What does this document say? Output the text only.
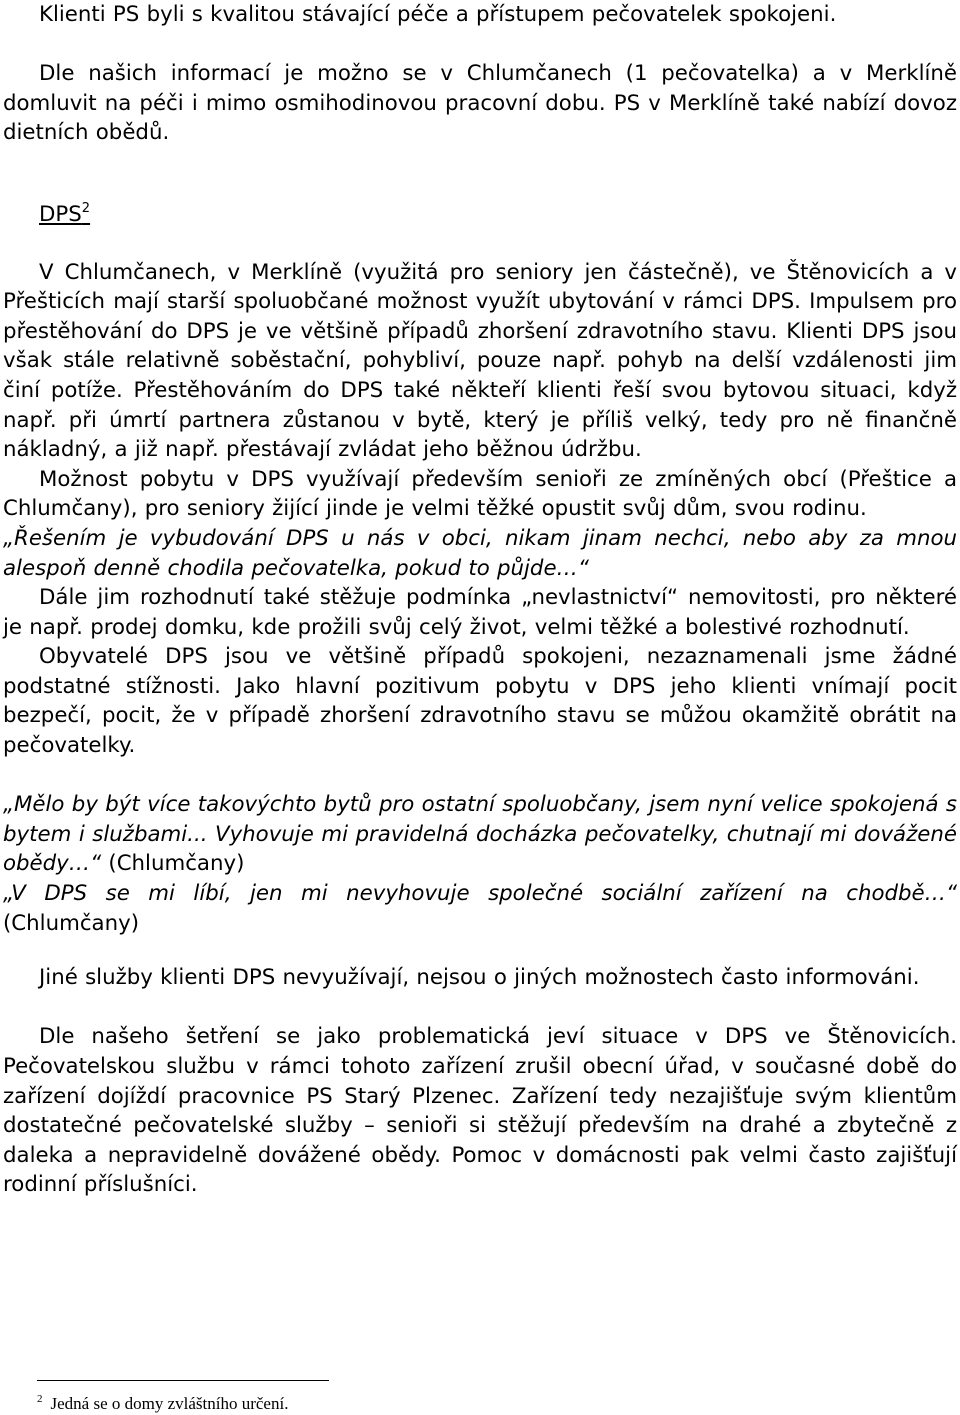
Klienti PS byli s kvalitou stávající péče a přístupem pečovatelek spokojeni.

Dle našich informací je možno se v Chlumčanech (1 pečovatelka) a v Merklíně domluvit na péči i mimo osmihodinovou pracovní dobu. PS v Merklíně také nabízí dovoz dietních obědů.

DPS$^2$

V Chlumčanech, v Merklíně (využitá pro seniory jen částečně), ve Štěnovicích a v Přešticích mají starší spoluobčané možnost využít ubytování v rámci DPS. Impulsem pro přestěhování do DPS je ve většině případů zhoršení zdravotního stavu. Klienti DPS jsou však stále relativně soběstační, pohybliví, pouze např. pohyb na delší vzdálenosti jim činí potíže. Přestěhováním do DPS také někteří klienti řeší svou bytovou situaci, když např. při úmrtí partnera zůstanou v bytě, který je příliš velký, tedy pro ně finančně nákladný, a již např. přestávají zvládat jeho běžnou údržbu.

Možnost pobytu v DPS využívají především senioři ze zmíněných obcí (Přeštice a Chlumčany), pro seniory žijící jinde je velmi těžké opustit svůj dům, svou rodinu.

„Řešením je vybudování DPS u nás v obci, nikam jinam nechci, nebo aby za mnou alespoň denně chodila pečovatelka, pokud to půjde…“

Dále jim rozhodnutí také stěžuje podmínka „nevlastnictví“ nemovitosti, pro některé je např. prodej domku, kde prožili svůj celý život, velmi těžké a bolestivé rozhodnutí.

Obyvatelé DPS jsou ve většině případů spokojeni, nezaznamenali jsme žádné podstatné stížnosti. Jako hlavní pozitivum pobytu v DPS jeho klienti vnímají pocit bezpečí, pocit, že v případě zhoršení zdravotního stavu se můžou okamžitě obrátit na pečovatelky.

„Mělo by být více takovýchto bytů pro ostatní spoluobčany, jsem nyní velice spokojená s bytem i službami... Vyhovuje mi pravidelná docházka pečovatelky, chutnají mi dovážené obědy…“ (Chlumčany)

„V DPS se mi líbí, jen mi nevyhovuje společné sociální zařízení na chodbě…“ (Chlumčany)

Jiné služby klienti DPS nevyužívají, nejsou o jiných možnostech často informováni.

Dle našeho šetření se jako problematická jeví situace v DPS ve Štěnovicích. Pečovatelskou službu v rámci tohoto zařízení zrušil obecní úřad, v současné době do zařízení dojíždí pracovnice PS Starý Plzenec. Zařízení tedy nezajišťuje svým klientům dostatečné pečovatelské služby – senioři si stěžují především na drahé a zbytečně z daleka a nepravidelně dovážené obědy. Pomoc v domácnosti pak velmi často zajišťují rodinní příslušníci.

$^2$ Jedná se o domy zvláštního určení.
